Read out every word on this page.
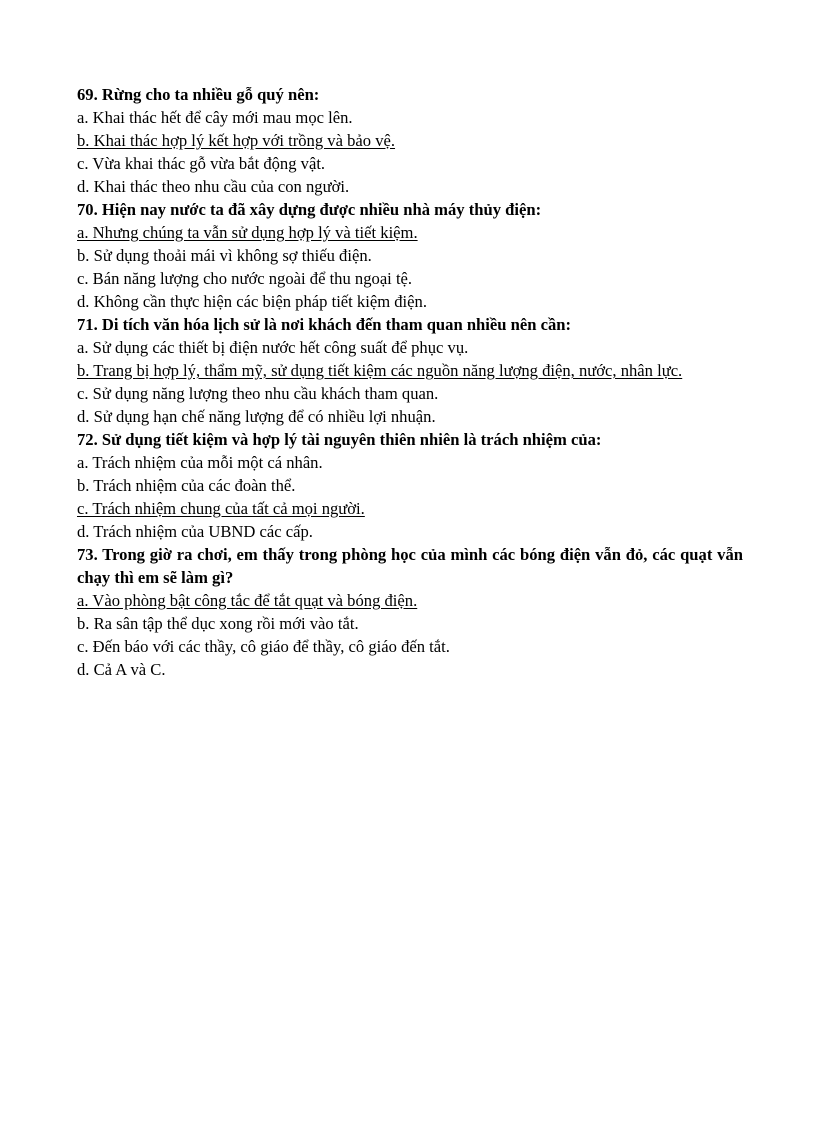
69. Rừng cho ta nhiều gỗ quý nên:
a. Khai thác hết để cây mới mau mọc lên.
b. Khai thác hợp lý kết hợp với trồng và bảo vệ.
c. Vừa khai thác gỗ vừa bắt động vật.
d. Khai thác theo nhu cầu của con người.
70. Hiện nay nước ta đã xây dựng được nhiều nhà máy thủy điện:
a. Nhưng chúng ta vẫn sử dụng hợp lý và tiết kiệm.
b. Sử dụng thoải mái vì không sợ thiếu điện.
c. Bán năng lượng cho nước ngoài để thu ngoại tệ.
d. Không cần thực hiện các biện pháp tiết kiệm điện.
71. Di tích văn hóa lịch sử là nơi khách đến tham quan nhiều nên cần:
a. Sử dụng các thiết bị điện nước hết công suất để phục vụ.
b. Trang bị hợp lý, thẩm mỹ, sử dụng tiết kiệm các nguồn năng lượng điện, nước, nhân lực.
c. Sử dụng năng lượng theo nhu cầu khách tham quan.
d. Sử dụng hạn chế năng lượng để có nhiều lợi nhuận.
72. Sử dụng tiết kiệm và hợp lý tài nguyên thiên nhiên là trách nhiệm của:
a. Trách nhiệm của mỗi một cá nhân.
b. Trách nhiệm của các đoàn thể.
c. Trách nhiệm chung của tất cả mọi người.
d. Trách nhiệm của UBND các cấp.
73. Trong giờ ra chơi, em thấy trong phòng học của mình các bóng điện vẫn đỏ, các quạt vẫn chạy thì em sẽ làm gì?
a. Vào phòng bật công tắc để tắt quạt và bóng điện.
b. Ra sân tập thể dục xong rồi mới vào tắt.
c. Đến báo với các thầy, cô giáo để thầy, cô giáo đến tắt.
d. Cả A và C.
